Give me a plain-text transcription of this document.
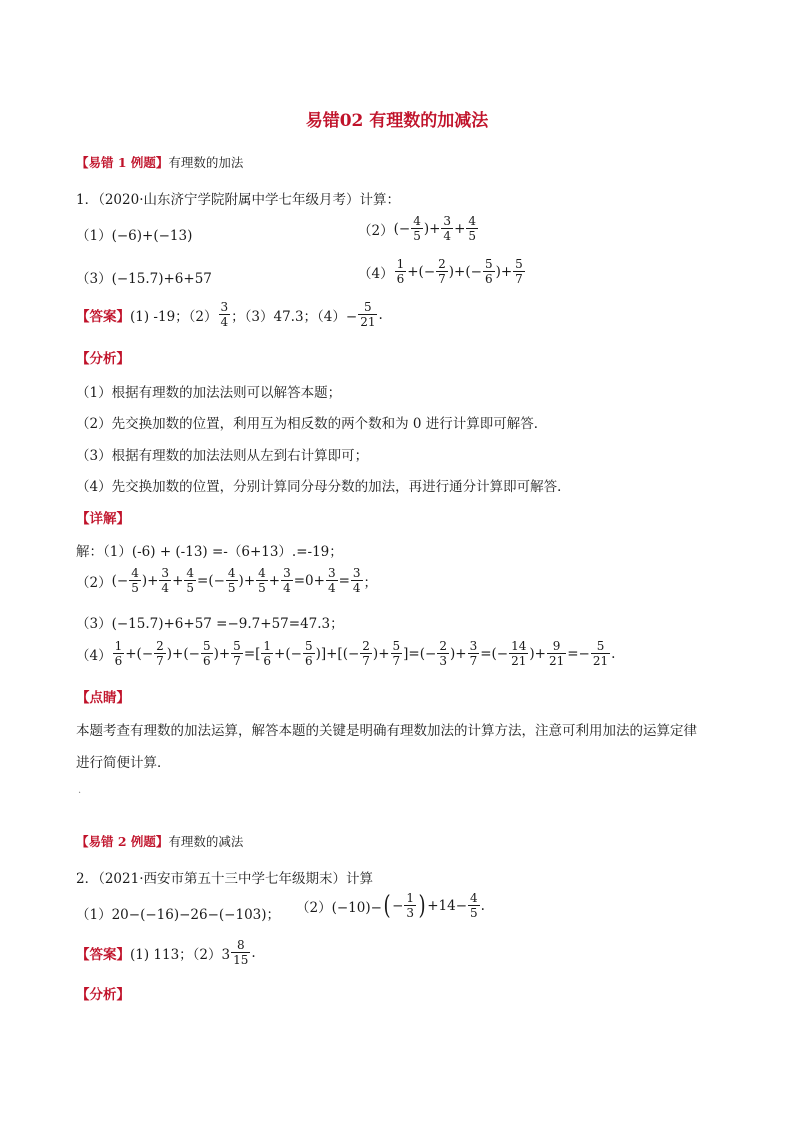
易错02 有理数的加减法
【易错 1 例题】有理数的加法
1．（2020·山东济宁学院附属中学七年级月考）计算：
（1）(−6)+(−13)	（2） (− $\frac{4}{5}$ )+ $\frac{3}{4} + \frac{4}{5}$
（3）(−15.7)+6+57	$(4) \frac{1}{6}$ +(− $\frac{2}{7}$ )+(− $\frac{5}{6}$ )+ $\frac{5}{7}$
【答案】 (1) -19；$(2) \frac{3}{4}$ ；（3）47.3；$(4)- \frac{5}{21}$ .
【分析】
（1）根据有理数的加法法则可以解答本题；
（2）先交换加数的位置，利用互为相反数的两个数和为 0 进行计算即可解答．
（3）根据有理数的加法法则从左到右计算即可；
（4）先交换加数的位置，分别计算同分母分数的加法，再进行通分计算即可解答．
【详解】
解：（1）(-6) + (-13) =-（6+13）.=-19；
（2） (− $\frac{4}{5}$ )+ $\frac{3}{4} + \frac{4}{5}$ =(− $\frac{4}{5}$ )+ $\frac{4}{5} + \frac{3}{4} =0+ \frac{3}{4} = \frac{3}{4}$ ；
（3）(−15.7)+6+57 =−9.7+57=47.3；
$(4) \frac{1}{6}$ +(− $\frac{2}{7}$ )+(− $\frac{5}{6}$ )+ $\frac{5}{7}$ =[ $\frac{1}{6}$ +(− $\frac{5}{6}$ )]+[(− $\frac{2}{7}$ )+ $\frac{5}{7}$ ]=(− $\frac{2}{3}$ )+ $\frac{3}{7}$ =(− $\frac{14}{21}$ )+ $\frac{9}{21} =- \frac{5}{21}$ .
【点睛】
本题考查有理数的加法运算，解答本题的关键是明确有理数加法的计算方法，注意可利用加法的运算定律
进行简便计算．
·
【易错 2 例题】有理数的减法
2．（2021·西安市第五十三中学七年级期末）计算
（1）20−(−16)−26−(−103)； （2）(−10)− ( − $\frac{1}{3}$ ) $+14- \frac{4}{5}$ .
【答案】 (1) 113；$(2)3 \frac{8}{15}$ .
【分析】
